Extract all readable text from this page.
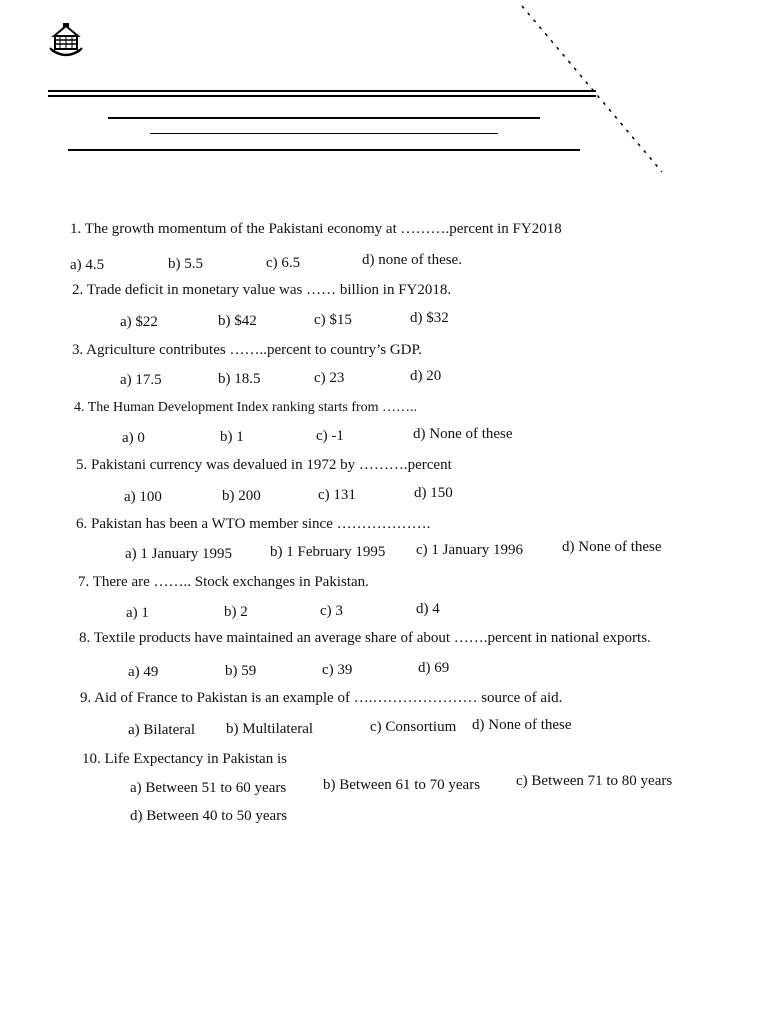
1. The growth momentum of the Pakistani economy at ……….percent in FY2018
a) 4.5	b) 5.5	c) 6.5	d) none of these.
2. Trade deficit in monetary value was …… billion in FY2018.
a) $22	b) $42	c) $15	d) $32
3. Agriculture contributes ……..percent to country’s GDP.
a) 17.5	b) 18.5	c) 23	d) 20
4. The Human Development Index ranking starts from ……..
a) 0	b) 1	c) -1	d) None of these
5. Pakistani currency was devalued in 1972 by ……….percent
a) 100	b) 200	c) 131	d) 150
6. Pakistan has been a WTO member since ……………….
a) 1 January 1995	b) 1 February 1995 c) 1 January 1996	d) None of these
7. There are …….. Stock exchanges in Pakistan.
a) 1	b) 2	c) 3	d) 4
8. Textile products have maintained an average share of about …….percent in national exports.
a) 49	b) 59	c) 39	d) 69
9. Aid of France to Pakistan is an example of ….………………… source of aid.
a) Bilateral b) Multilateral	c) Consortium d) None of these
10. Life Expectancy in Pakistan is
a) Between 51 to 60 years b) Between 61 to 70 years c) Between 71 to 80 years
d) Between 40 to 50 years
